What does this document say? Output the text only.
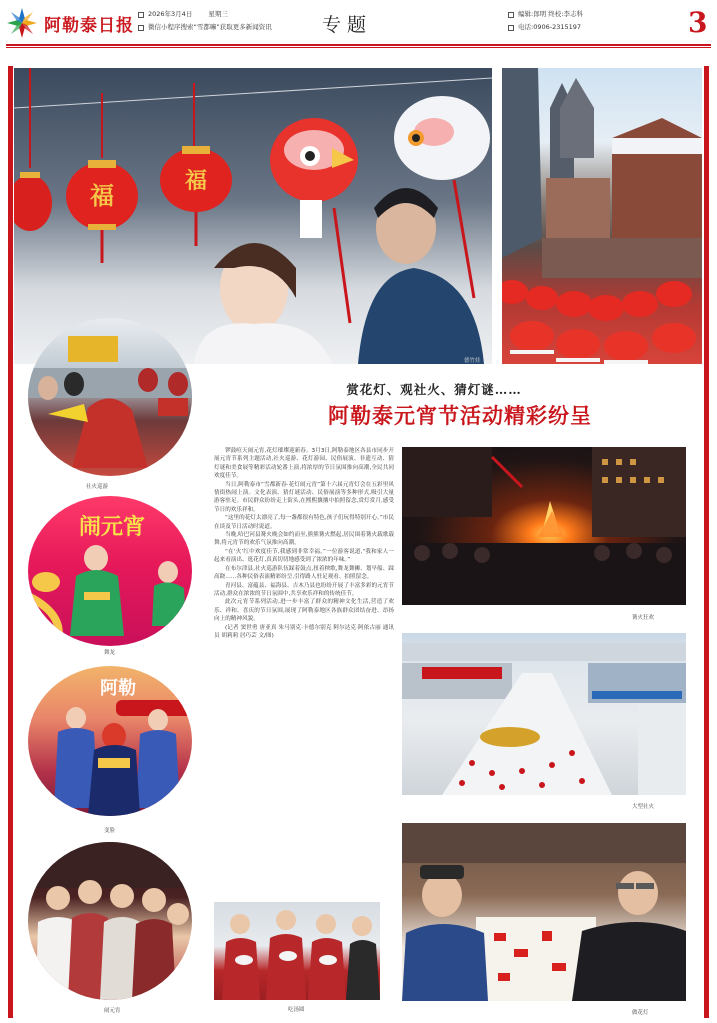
阿勒泰日报
2026年3月4日 星期三
微信小程序搜索“雪都嘛”获取更多新闻资讯	专题	编辑:郎明 终校:李志科
电话:0906-2315197	3
福	福
德竹娃
赏花灯、观社火、猜灯谜……
阿勒泰元宵节活动精彩纷呈
社火巡游
闹元宵
舞龙
阿勒
变脸
闹元宵

锣鼓喧天闹元宵,花灯璀璨迎新春。3月3日,阿勒泰地区各县市同步开展元宵节系列主题活动,社火巡游、花灯游园、民俗展演、非遗互动、猜灯谜和美食展等精彩活动轮番上演,将浓厚的节日氛围推向高潮,全民共同欢度佳节。

当日,阿勒泰市“雪都新春·花灯闹元宵”第十六届元宵灯会在五彩里风情街热闹上演。文化表演、猜灯谜活动、民俗展演等多种形式,吸引大量游客驻足。市民群众纷纷走上街头,在熙熙攘攘中拍照留念,赏灯赏月,感受节日的欢乐祥和。

“这里的花灯太漂亮了,每一盏都很有特色,孩子们玩得特别开心。”市民在谈及节日活动时说道。

当晚,哈巴河县篝火晚会如约而至,熊熊篝火燃起,居民围着篝火载歌载舞,将元宵节的欢乐气氛推向高潮。

“在‘火’红中欢度佳节,我感到非常幸福。”一位游客说道,“我和家人一起来看演出、逛花灯,真真切切地感受到了浓浓的年味。”

在布尔津县,社火巡游队伍踩着鼓点,扭着秧歌,舞龙舞狮、划旱船、踩高跷……各种民俗表演精彩纷呈,引得路人驻足观看、拍照留念。

青河县、富蕴县、福海县、吉木乃县也纷纷开展了丰富多彩的元宵节活动,群众在浓浓的节日氛围中,共享欢乐祥和的传统佳节。

此次元宵节系列活动,进一步丰富了群众的精神文化生活,营造了欢乐、祥和、喜庆的节日氛围,展现了阿勒泰地区各族群众团结奋进、昂扬向上的精神风貌。

(记者 窦世勇 唐亚真 朱马别克·卡德尔别克 阿尔达克·阿依古丽 通讯员 胡莉莉 居巧芸 文/图)

吃汤圆
篝火狂欢
大型社火
做花灯
